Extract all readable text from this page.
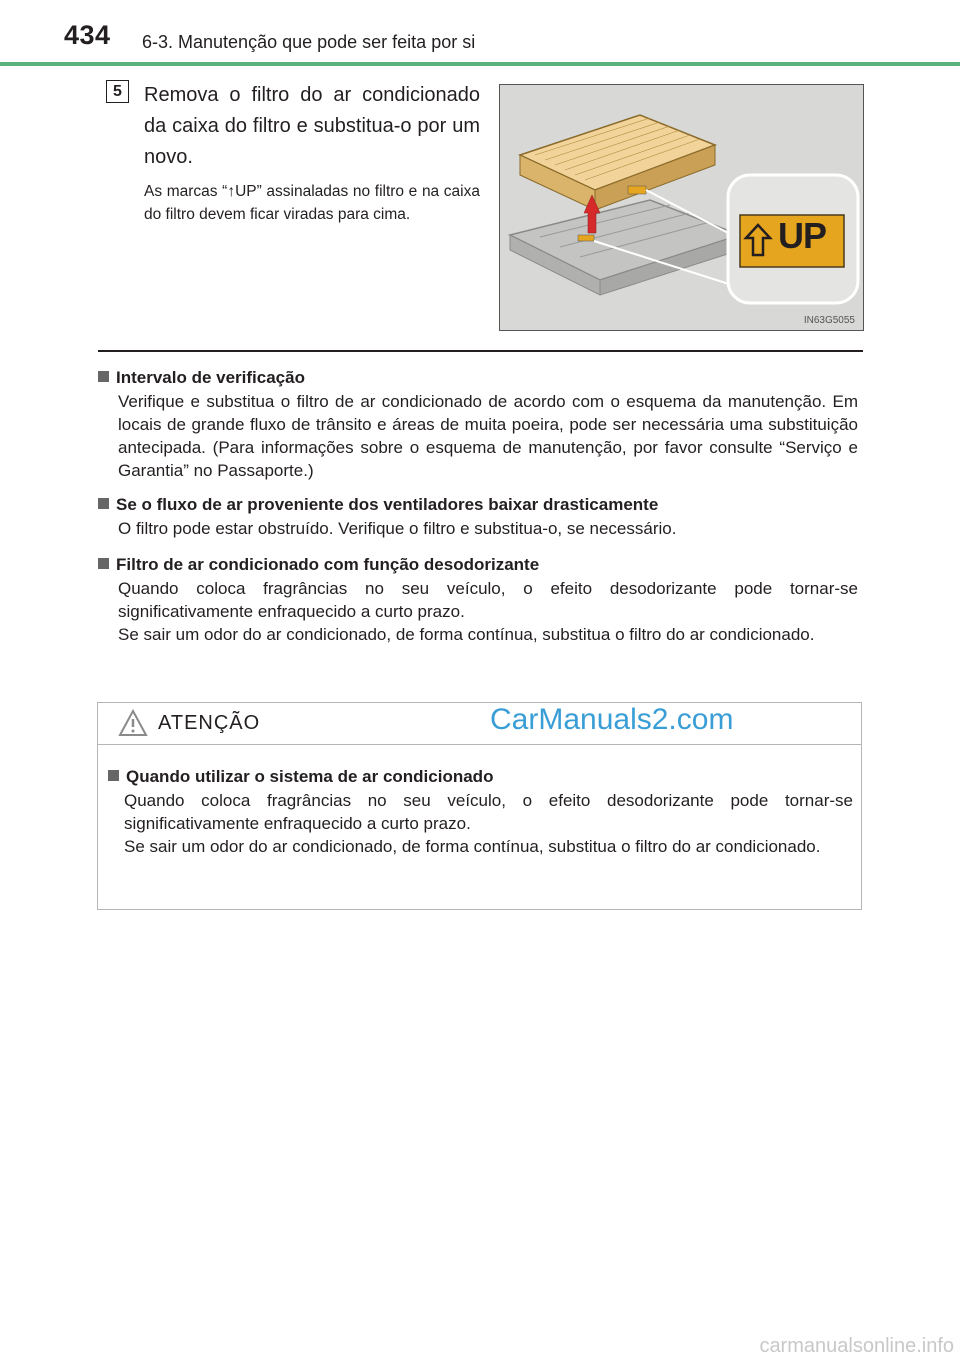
434 6-3. Manutenção que pode ser feita por si
5	Remova o filtro do ar condicionado da caixa do filtro e substitua-o por um novo.
As marcas “↑UP” assinaladas no filtro e na caixa do filtro devem ficar viradas para cima.
UP
IN63G5055
Intervalo de verificação

Verifique e substitua o filtro de ar condicionado de acordo com o esquema da manutenção. Em locais de grande fluxo de trânsito e áreas de muita poeira, pode ser necessária uma substituição antecipada. (Para informações sobre o esquema de manutenção, por favor consulte “Serviço e Garantia” no Passaporte.)

Se o fluxo de ar proveniente dos ventiladores baixar drasticamente

O filtro pode estar obstruído. Verifique o filtro e substitua-o, se necessário.

Filtro de ar condicionado com função desodorizante

Quando coloca fragrâncias no seu veículo, o efeito desodorizante pode tornar-se significativamente enfraquecido a curto prazo.

Se sair um odor do ar condicionado, de forma contínua, substitua o filtro do ar condicionado.

ATENÇÃO	CarManuals2.com
Quando utilizar o sistema de ar condicionado

Quando coloca fragrâncias no seu veículo, o efeito desodorizante pode tornar-se significativamente enfraquecido a curto prazo.

Se sair um odor do ar condicionado, de forma contínua, substitua o filtro do ar condicionado.

carmanualsonline.info
